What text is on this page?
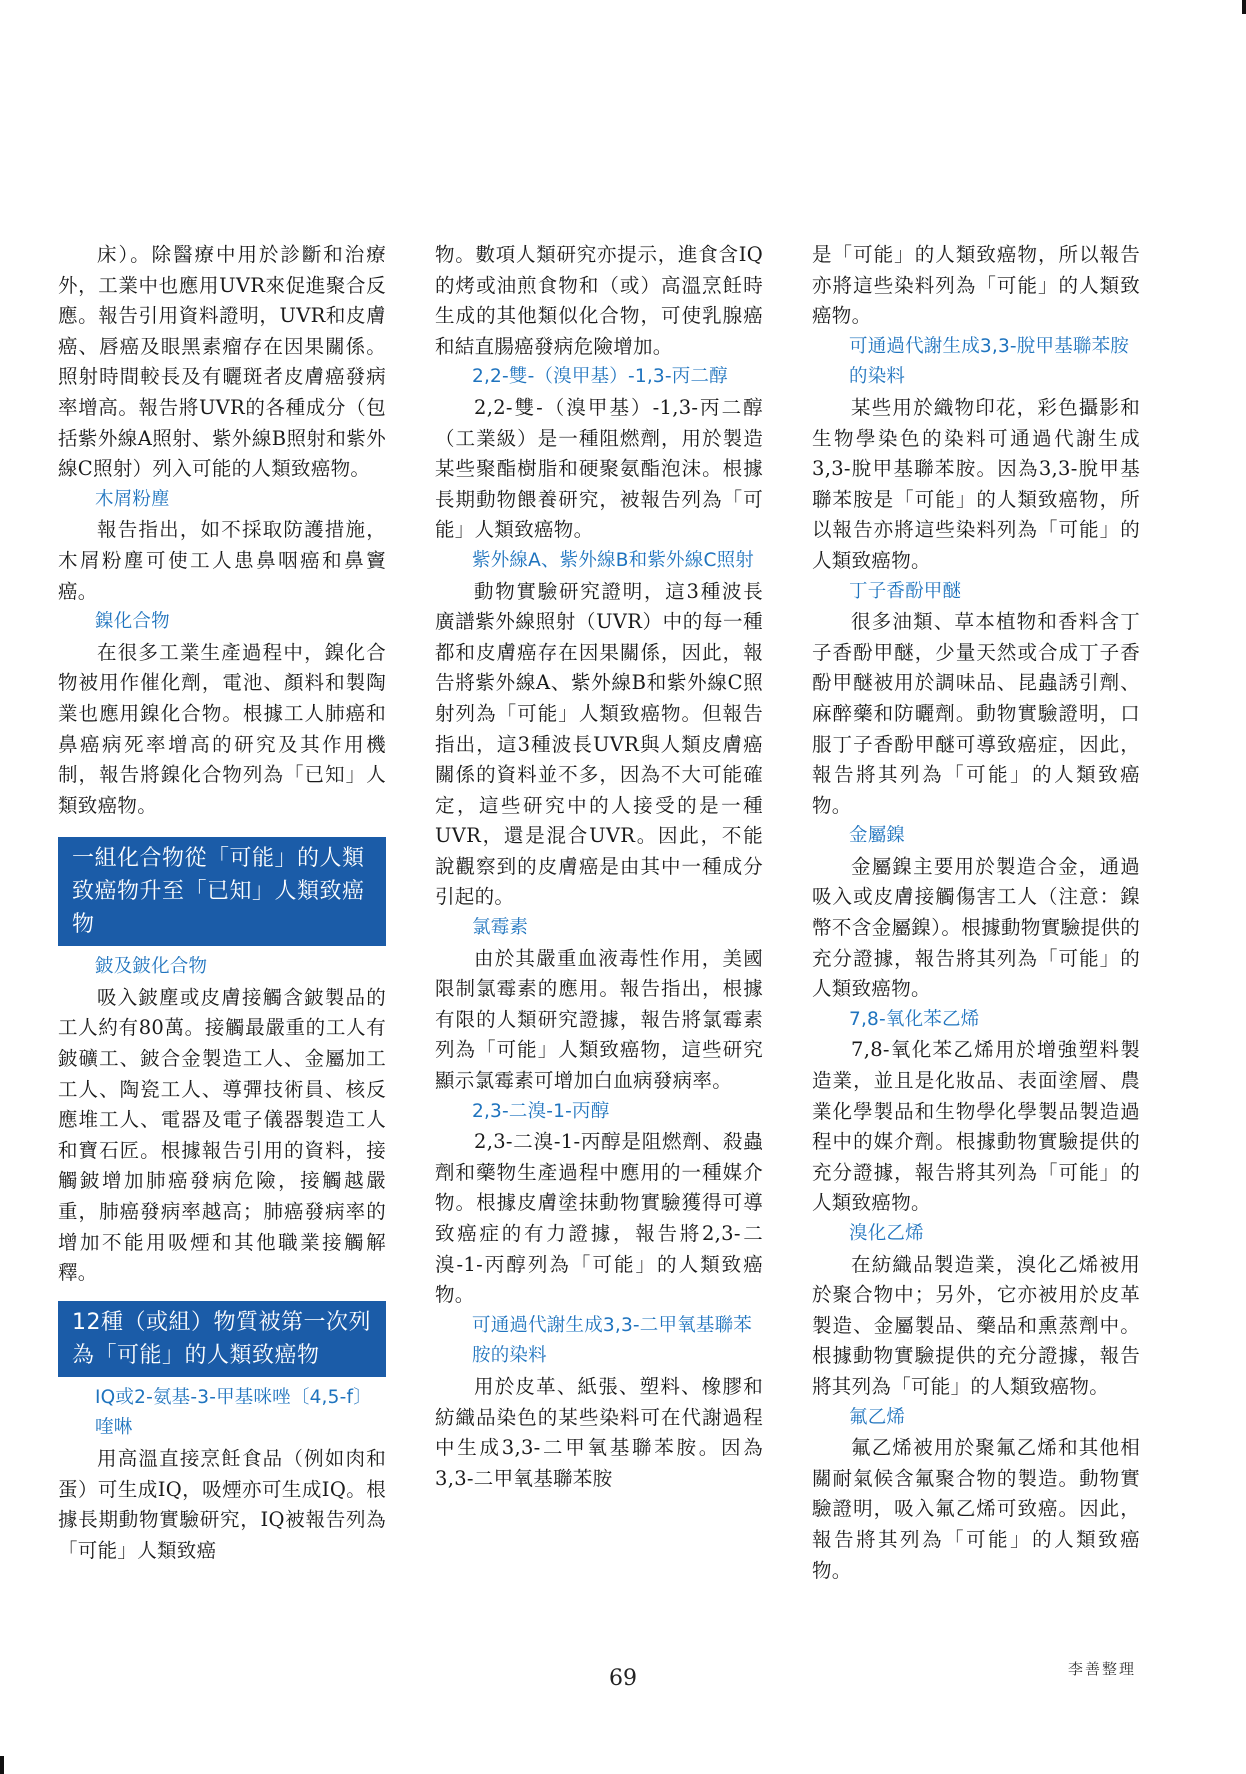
床）。除醫療中用於診斷和治療外，工業中也應用UVR來促進聚合反應。報告引用資料證明，UVR和皮膚癌、唇癌及眼黑素瘤存在因果關係。照射時間較長及有曬斑者皮膚癌發病率增高。報告將UVR的各種成分（包括紫外線A照射、紫外線B照射和紫外線C照射）列入可能的人類致癌物。

木屑粉塵

報告指出，如不採取防護措施，木屑粉塵可使工人患鼻咽癌和鼻竇癌。

鎳化合物

在很多工業生產過程中，鎳化合物被用作催化劑，電池、顏料和製陶業也應用鎳化合物。根據工人肺癌和鼻癌病死率增高的研究及其作用機制，報告將鎳化合物列為「已知」人類致癌物。

一組化合物從「可能」的人類致癌物升至「已知」人類致癌物
鈹及鈹化合物

吸入鈹塵或皮膚接觸含鈹製品的工人約有80萬。接觸最嚴重的工人有鈹礦工、鈹合金製造工人、金屬加工工人、陶瓷工人、導彈技術員、核反應堆工人、電器及電子儀器製造工人和寶石匠。根據報告引用的資料，接觸鈹增加肺癌發病危險，接觸越嚴重，肺癌發病率越高；肺癌發病率的增加不能用吸煙和其他職業接觸解釋。

12種（或組）物質被第一次列為「可能」的人類致癌物
IQ或2-氨基-3-甲基咪唑〔4,5-f〕喹啉

用高溫直接烹飪食品（例如肉和蛋）可生成IQ，吸煙亦可生成IQ。根據長期動物實驗研究，IQ被報告列為「可能」人類致癌

物。數項人類研究亦提示，進食含IQ的烤或油煎食物和（或）高溫烹飪時生成的其他類似化合物，可使乳腺癌和結直腸癌發病危險增加。

2,2-雙-（溴甲基）-1,3-丙二醇

2,2-雙-（溴甲基）-1,3-丙二醇（工業級）是一種阻燃劑，用於製造某些聚酯樹脂和硬聚氨酯泡沫。根據長期動物餵養研究，被報告列為「可能」人類致癌物。

紫外線A、紫外線B和紫外線C照射

動物實驗研究證明，這3種波長廣譜紫外線照射（UVR）中的每一種都和皮膚癌存在因果關係，因此，報告將紫外線A、紫外線B和紫外線C照射列為「可能」人類致癌物。但報告指出，這3種波長UVR與人類皮膚癌關係的資料並不多，因為不大可能確定，這些研究中的人接受的是一種UVR，還是混合UVR。因此，不能說觀察到的皮膚癌是由其中一種成分引起的。

氯霉素

由於其嚴重血液毒性作用，美國限制氯霉素的應用。報告指出，根據有限的人類研究證據，報告將氯霉素列為「可能」人類致癌物，這些研究顯示氯霉素可增加白血病發病率。

2,3-二溴-1-丙醇

2,3-二溴-1-丙醇是阻燃劑、殺蟲劑和藥物生產過程中應用的一種媒介物。根據皮膚塗抹動物實驗獲得可導致癌症的有力證據，報告將2,3-二溴-1-丙醇列為「可能」的人類致癌物。

可通過代謝生成3,3-二甲氧基聯苯胺的染料

用於皮革、紙張、塑料、橡膠和紡織品染色的某些染料可在代謝過程中生成3,3-二甲氧基聯苯胺。因為3,3-二甲氧基聯苯胺

是「可能」的人類致癌物，所以報告亦將這些染料列為「可能」的人類致癌物。

可通過代謝生成3,3-脫甲基聯苯胺的染料

某些用於織物印花，彩色攝影和生物學染色的染料可通過代謝生成3,3-脫甲基聯苯胺。因為3,3-脫甲基聯苯胺是「可能」的人類致癌物，所以報告亦將這些染料列為「可能」的人類致癌物。

丁子香酚甲醚

很多油類、草本植物和香料含丁子香酚甲醚，少量天然或合成丁子香酚甲醚被用於調味品、昆蟲誘引劑、麻醉藥和防曬劑。動物實驗證明，口服丁子香酚甲醚可導致癌症，因此，報告將其列為「可能」的人類致癌物。

金屬鎳

金屬鎳主要用於製造合金，通過吸入或皮膚接觸傷害工人（注意：鎳幣不含金屬鎳）。根據動物實驗提供的充分證據，報告將其列為「可能」的人類致癌物。

7,8-氧化苯乙烯

7,8-氧化苯乙烯用於增強塑料製造業，並且是化妝品、表面塗層、農業化學製品和生物學化學製品製造過程中的媒介劑。根據動物實驗提供的充分證據，報告將其列為「可能」的人類致癌物。

溴化乙烯

在紡織品製造業，溴化乙烯被用於聚合物中；另外，它亦被用於皮革製造、金屬製品、藥品和熏蒸劑中。根據動物實驗提供的充分證據，報告將其列為「可能」的人類致癌物。

氟乙烯

氟乙烯被用於聚氟乙烯和其他相關耐氣候含氟聚合物的製造。動物實驗證明，吸入氟乙烯可致癌。因此，報告將其列為「可能」的人類致癌物。

69	李善整理
